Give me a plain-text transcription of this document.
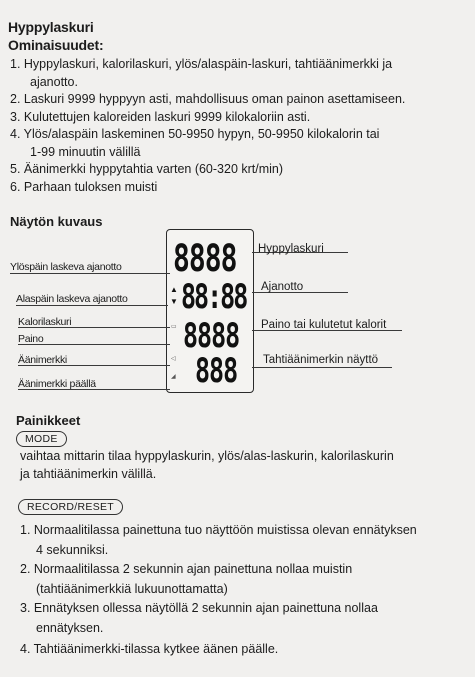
Hyppylaskuri
Ominaisuudet:
1. Hyppylaskuri, kalorilaskuri, ylös/alaspäin-laskuri, tahtiäänimerkki ja
ajanotto.
2. Laskuri 9999 hyppyyn asti, mahdollisuus oman painon asettamiseen.
3. Kulutettujen kaloreiden laskuri 9999 kilokaloriin asti.
4. Ylös/alaspäin laskeminen 50-9950 hypyn, 50-9950 kilokalorin tai
1-99 minuutin välillä
5. Äänimerkki hyppytahtia varten (60-320 krt/min)
6. Parhaan tuloksen muisti
Näytön kuvaus
8888
88:88
8888
888
▲
▼
▭
◁
◢
Ylöspäin laskeva ajanotto
Alaspäin laskeva ajanotto
Kalorilaskuri
Paino
Äänimerkki
Äänimerkki päällä
Hyppylaskuri
Ajanotto
Paino tai kulutetut kalorit
Tahtiäänimerkin näyttö
Painikkeet
MODE
vaihtaa mittarin tilaa hyppylaskurin, ylös/alas-laskurin, kalorilaskurin
ja tahtiäänimerkin välillä.
RECORD/RESET
1. Normaalitilassa painettuna tuo näyttöön muistissa olevan ennätyksen
4 sekunniksi.
2. Normaalitilassa 2 sekunnin ajan painettuna nollaa muistin
(tahtiäänimerkkiä lukuunottamatta)
3. Ennätyksen ollessa näytöllä 2 sekunnin ajan painettuna nollaa
ennätyksen.
4. Tahtiäänimerkki-tilassa kytkee äänen päälle.
